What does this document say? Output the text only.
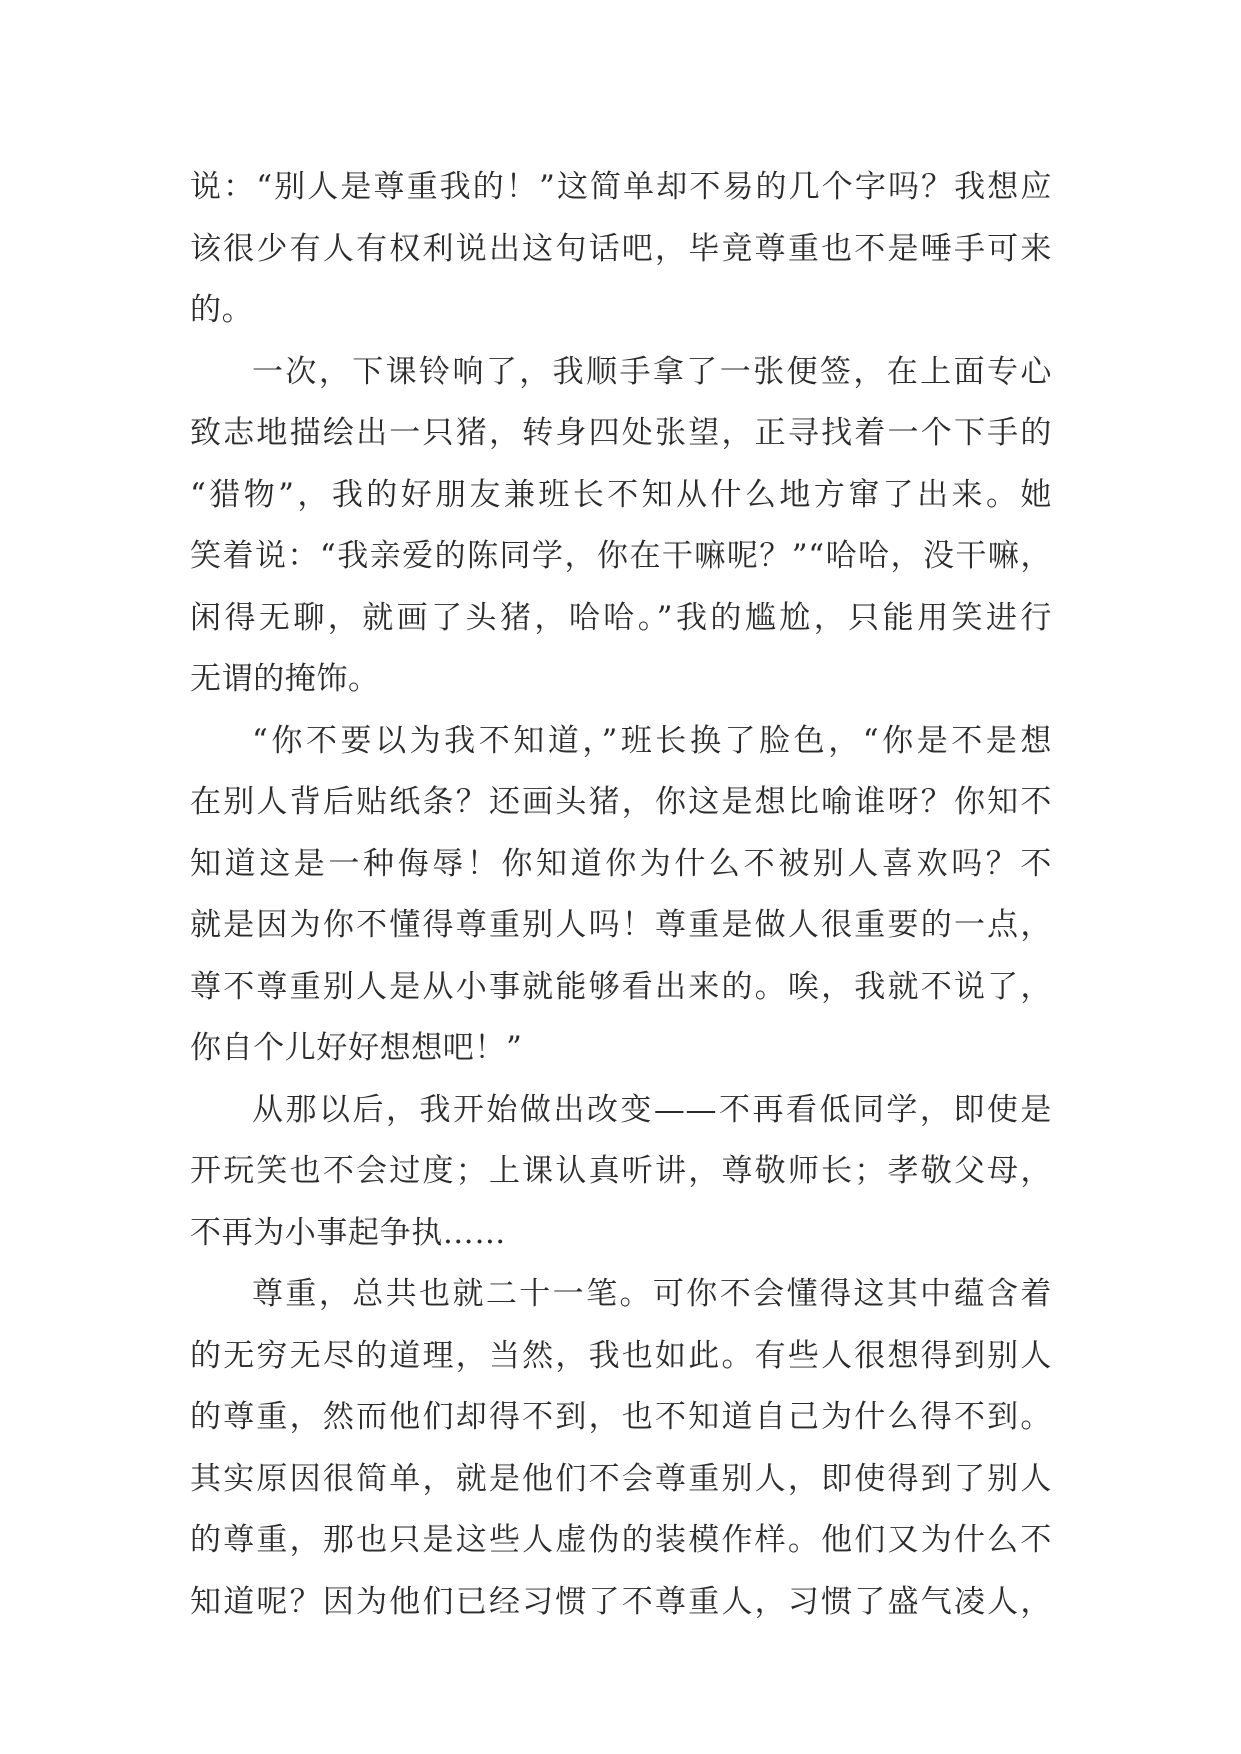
说：“别人是尊重我的！”这简单却不易的几个字吗？我想应
该很少有人有权利说出这句话吧，毕竟尊重也不是唾手可来
的。
一次，下课铃响了，我顺手拿了一张便签，在上面专心
致志地描绘出一只猪，转身四处张望，正寻找着一个下手的
“猎物”，我的好朋友兼班长不知从什么地方窜了出来。她
笑着说：“我亲爱的陈同学，你在干嘛呢？”“哈哈，没干嘛，
闲得无聊，就画了头猪，哈哈。”我的尴尬，只能用笑进行
无谓的掩饰。
“你不要以为我不知道，”班长换了脸色，“你是不是想
在别人背后贴纸条？还画头猪，你这是想比喻谁呀？你知不
知道这是一种侮辱！你知道你为什么不被别人喜欢吗？不
就是因为你不懂得尊重别人吗！尊重是做人很重要的一点，
尊不尊重别人是从小事就能够看出来的。唉，我就不说了，
你自个儿好好想想吧！”
从那以后，我开始做出改变——不再看低同学，即使是
开玩笑也不会过度；上课认真听讲，尊敬师长；孝敬父母，
不再为小事起争执……
尊重，总共也就二十一笔。可你不会懂得这其中蕴含着
的无穷无尽的道理，当然，我也如此。有些人很想得到别人
的尊重，然而他们却得不到，也不知道自己为什么得不到。
其实原因很简单，就是他们不会尊重别人，即使得到了别人
的尊重，那也只是这些人虚伪的装模作样。他们又为什么不
知道呢？因为他们已经习惯了不尊重人，习惯了盛气凌人，
